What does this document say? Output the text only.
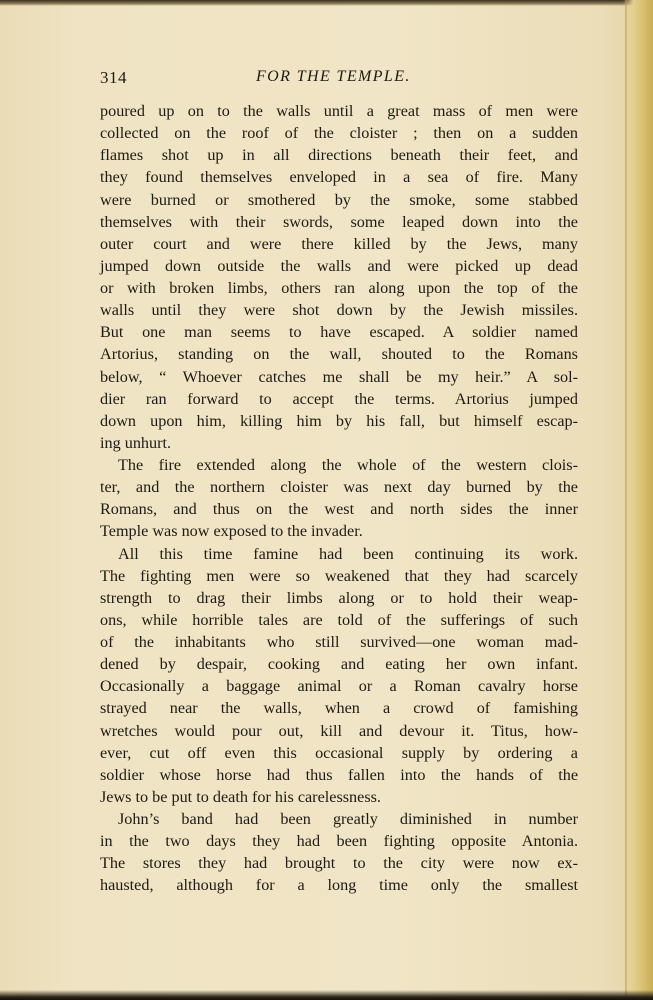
314	FOR THE TEMPLE.
poured up on to the walls until a great mass of men were
collected on the roof of the cloister ; then on a sudden
flames shot up in all directions beneath their feet, and
they found themselves enveloped in a sea of fire. Many
were burned or smothered by the smoke, some stabbed
themselves with their swords, some leaped down into the
outer court and were there killed by the Jews, many
jumped down outside the walls and were picked up dead
or with broken limbs, others ran along upon the top of the
walls until they were shot down by the Jewish missiles.
But one man seems to have escaped. A soldier named
Artorius, standing on the wall, shouted to the Romans
below, “ Whoever catches me shall be my heir.” A sol-
dier ran forward to accept the terms. Artorius jumped
down upon him, killing him by his fall, but himself escap-
ing unhurt.
The fire extended along the whole of the western clois-
ter, and the northern cloister was next day burned by the
Romans, and thus on the west and north sides the inner
Temple was now exposed to the invader.
All this time famine had been continuing its work.
The fighting men were so weakened that they had scarcely
strength to drag their limbs along or to hold their weap-
ons, while horrible tales are told of the sufferings of such
of the inhabitants who still survived—one woman mad-
dened by despair, cooking and eating her own infant.
Occasionally a baggage animal or a Roman cavalry horse
strayed near the walls, when a crowd of famishing
wretches would pour out, kill and devour it. Titus, how-
ever, cut off even this occasional supply by ordering a
soldier whose horse had thus fallen into the hands of the
Jews to be put to death for his carelessness.
John’s band had been greatly diminished in number
in the two days they had been fighting opposite Antonia.
The stores they had brought to the city were now ex-
hausted, although for a long time only the smallest
